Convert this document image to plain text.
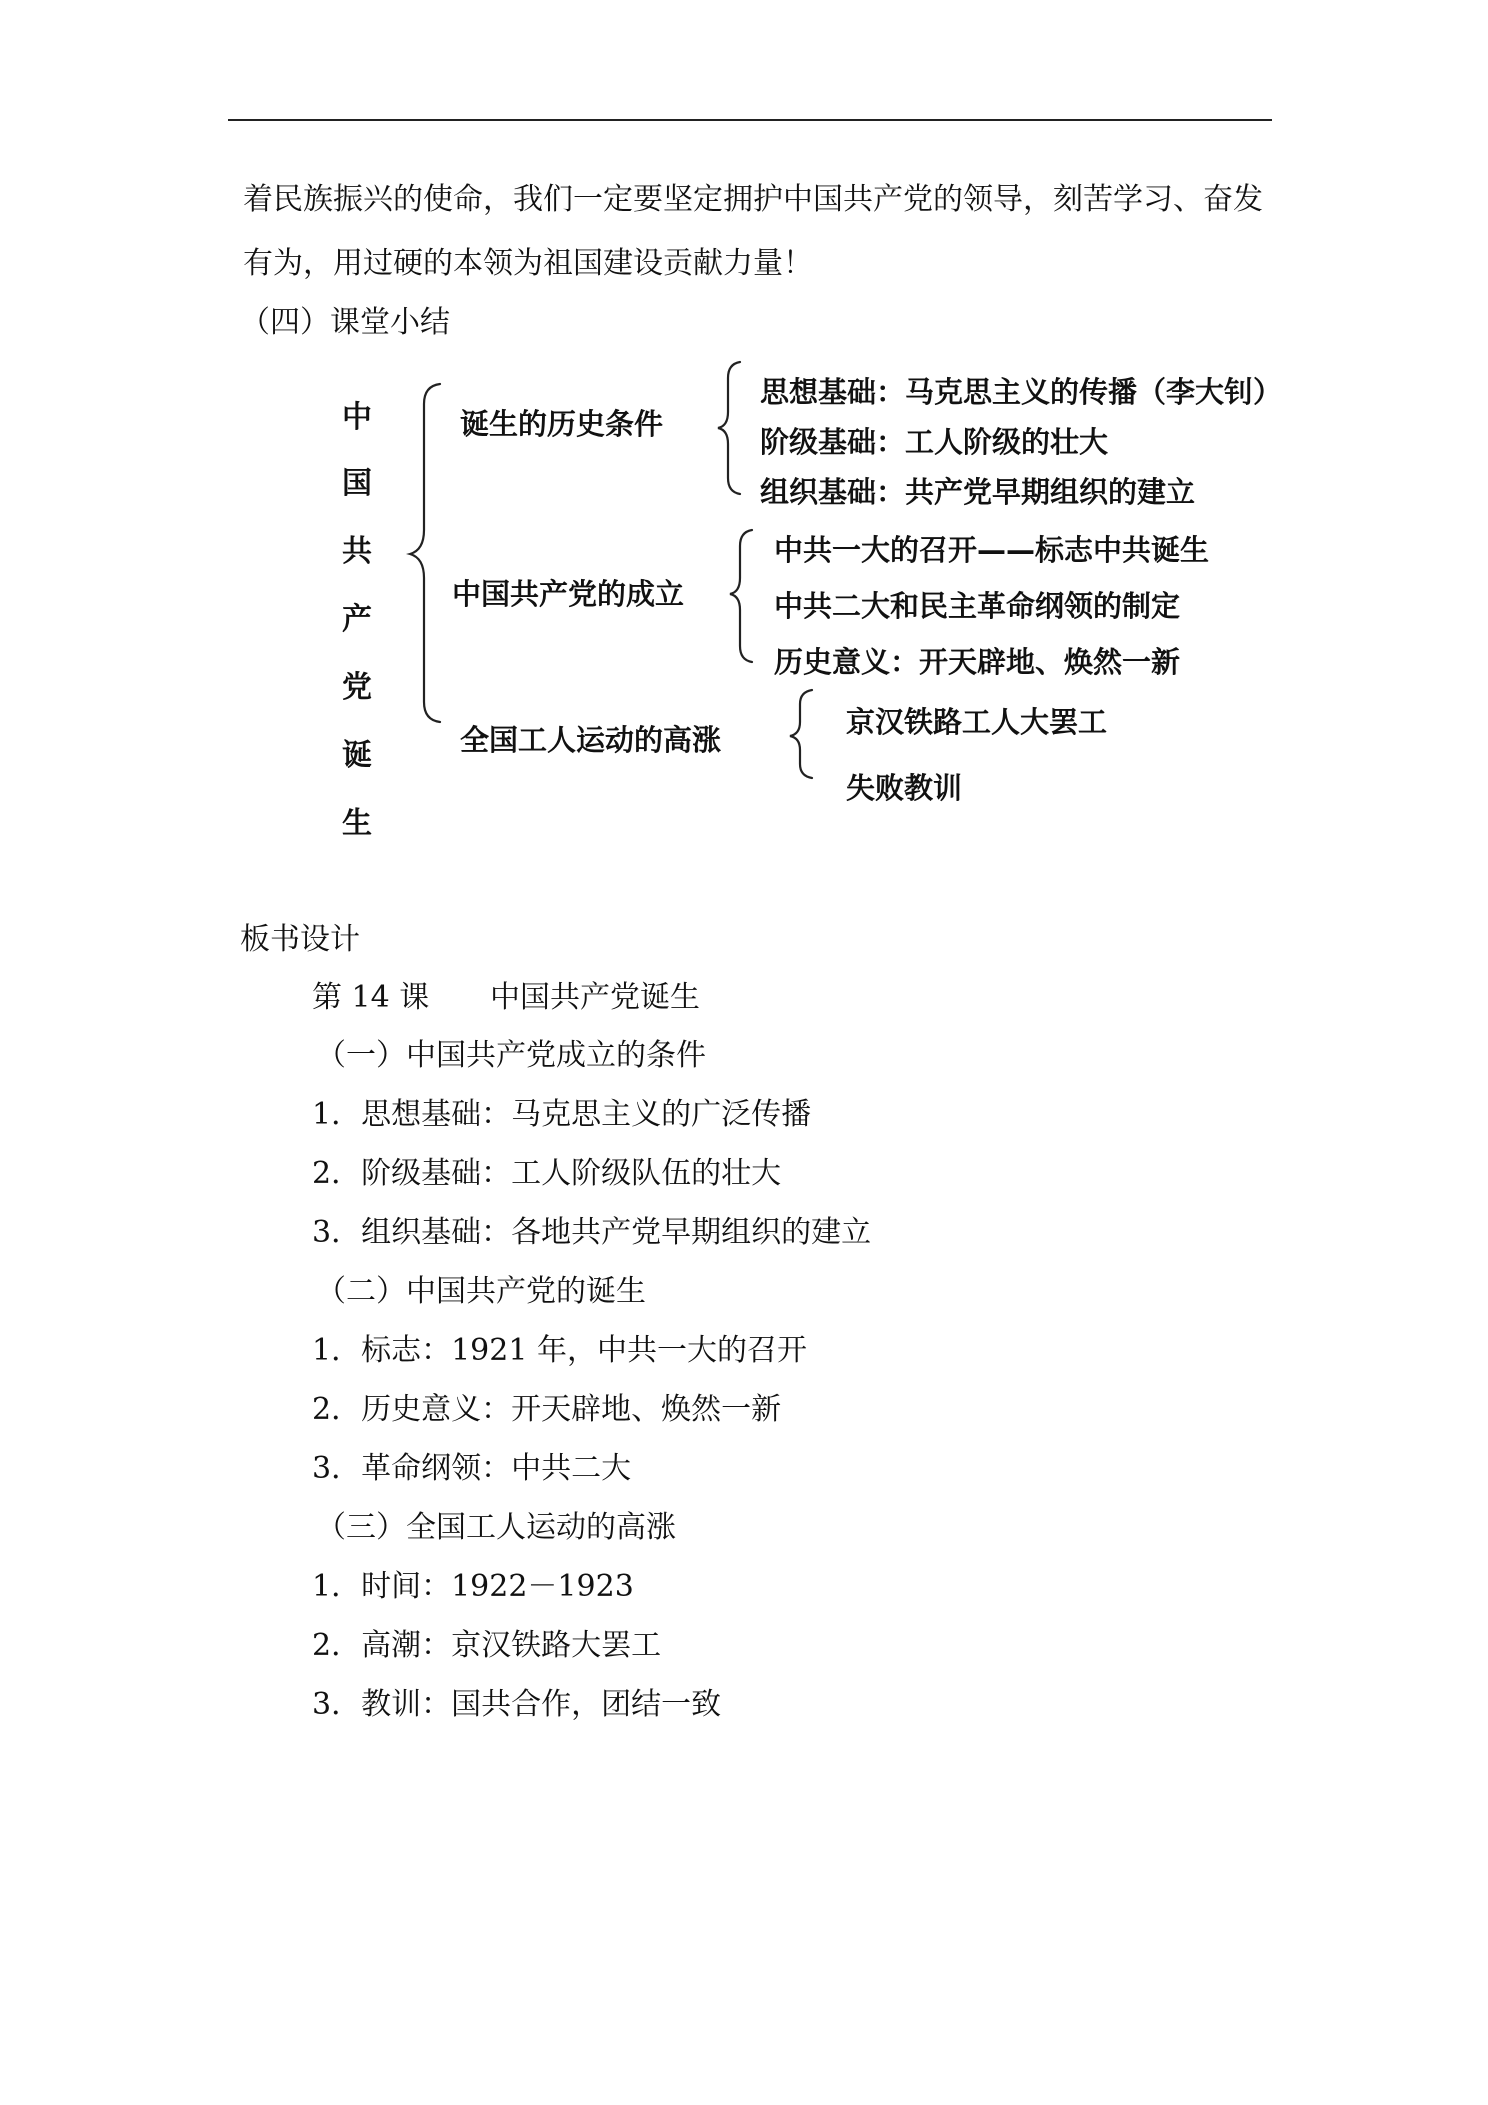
着民族振兴的使命，我们一定要坚定拥护中国共产党的领导，刻苦学习、奋发
有为，用过硬的本领为祖国建设贡献力量！
（四）课堂小结
中
国
共
产
党
诞
生
诞生的历史条件
中国共产党的成立
全国工人运动的高涨
思想基础：马克思主义的传播（李大钊）
阶级基础：工人阶级的壮大
组织基础：共产党早期组织的建立
中共一大的召开——标志中共诞生
中共二大和民主革命纲领的制定
历史意义：开天辟地、焕然一新
京汉铁路工人大罢工
失败教训
板书设计
第 14 课 中国共产党诞生
（一）中国共产党成立的条件
1．思想基础：马克思主义的广泛传播
2．阶级基础：工人阶级队伍的壮大
3．组织基础：各地共产党早期组织的建立
（二）中国共产党的诞生
1．标志：1921 年，中共一大的召开
2．历史意义：开天辟地、焕然一新
3．革命纲领：中共二大
（三）全国工人运动的高涨
1．时间：1922－1923
2．高潮：京汉铁路大罢工
3．教训：国共合作，团结一致
